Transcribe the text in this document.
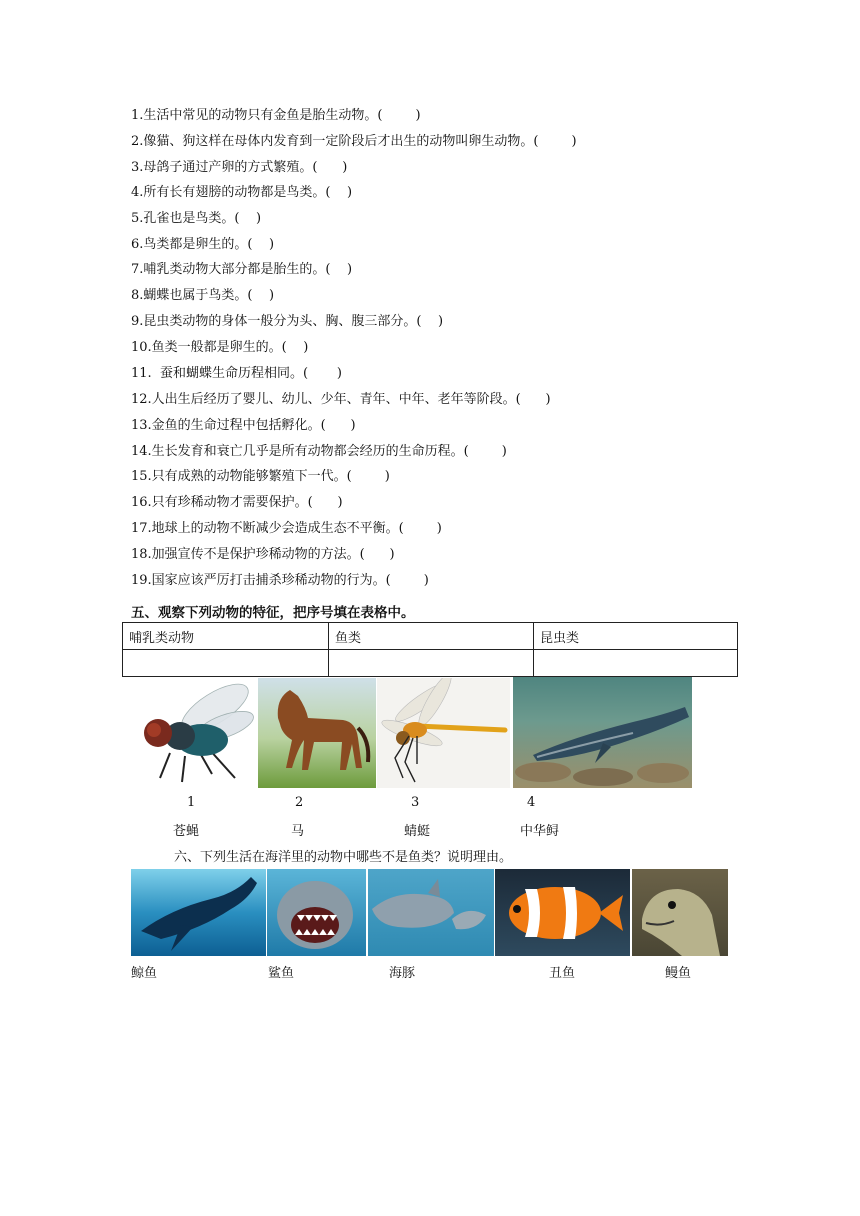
1.生活中常见的动物只有金鱼是胎生动物。(        )
2.像猫、狗这样在母体内发育到一定阶段后才出生的动物叫卵生动物。(        )
3.母鸽子通过产卵的方式繁殖。(      )
4.所有长有翅膀的动物都是鸟类。(    )
5.孔雀也是鸟类。(    )
6.鸟类都是卵生的。(    )
7.哺乳类动物大部分都是胎生的。(    )
8.蝴蝶也属于鸟类。(    )
9.昆虫类动物的身体一般分为头、胸、腹三部分。(    )
10.鱼类一般都是卵生的。(    )
11.  蚕和蝴蝶生命历程相同。(       )
12.人出生后经历了婴儿、幼儿、少年、青年、中年、老年等阶段。(      )
13.金鱼的生命过程中包括孵化。(      )
14.生长发育和衰亡几乎是所有动物都会经历的生命历程。(        )
15.只有成熟的动物能够繁殖下一代。(        )
16.只有珍稀动物才需要保护。(      )
17.地球上的动物不断减少会造成生态不平衡。(        )
18.加强宣传不是保护珍稀动物的方法。(      )
19.国家应该严厉打击捕杀珍稀动物的行为。(        )
五、观察下列动物的特征，把序号填在表格中。
哺乳类动物	鱼类	昆虫类

1	2	3	4
苍蝇	马	蜻蜓	中华鲟
六、下列生活在海洋里的动物中哪些不是鱼类？说明理由。
鲸鱼	鲨鱼	海豚	丑鱼	鳗鱼
